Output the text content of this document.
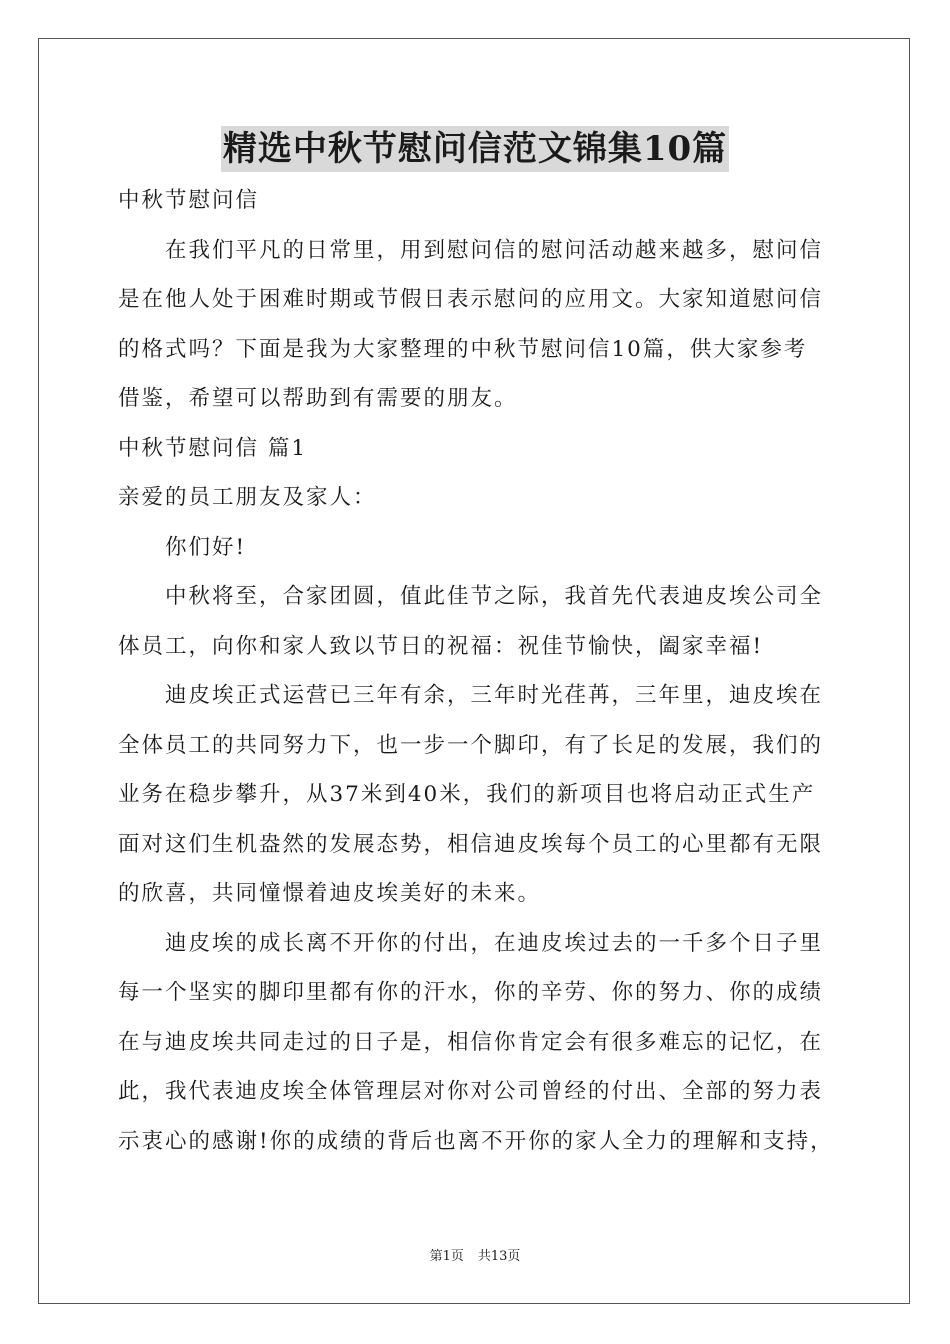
精选中秋节慰问信范文锦集10篇
中秋节慰问信
在我们平凡的日常里，用到慰问信的慰问活动越来越多，慰问信
是在他人处于困难时期或节假日表示慰问的应用文。大家知道慰问信
的格式吗？下面是我为大家整理的中秋节慰问信10篇，供大家参考
借鉴，希望可以帮助到有需要的朋友。
中秋节慰问信 篇1
亲爱的员工朋友及家人：
你们好!
中秋将至，合家团圆，值此佳节之际，我首先代表迪皮埃公司全
体员工，向你和家人致以节日的祝福：祝佳节愉快，阖家幸福!
迪皮埃正式运营已三年有余，三年时光荏苒，三年里，迪皮埃在
全体员工的共同努力下，也一步一个脚印，有了长足的发展，我们的
业务在稳步攀升，从37米到40米，我们的新项目也将启动正式生产
面对这们生机盎然的发展态势，相信迪皮埃每个员工的心里都有无限
的欣喜，共同憧憬着迪皮埃美好的未来。
迪皮埃的成长离不开你的付出，在迪皮埃过去的一千多个日子里
每一个坚实的脚印里都有你的汗水，你的辛劳、你的努力、你的成绩
在与迪皮埃共同走过的日子是，相信你肯定会有很多难忘的记忆，在
此，我代表迪皮埃全体管理层对你对公司曾经的付出、全部的努力表
示衷心的感谢!你的成绩的背后也离不开你的家人全力的理解和支持，
第1页 共13页
